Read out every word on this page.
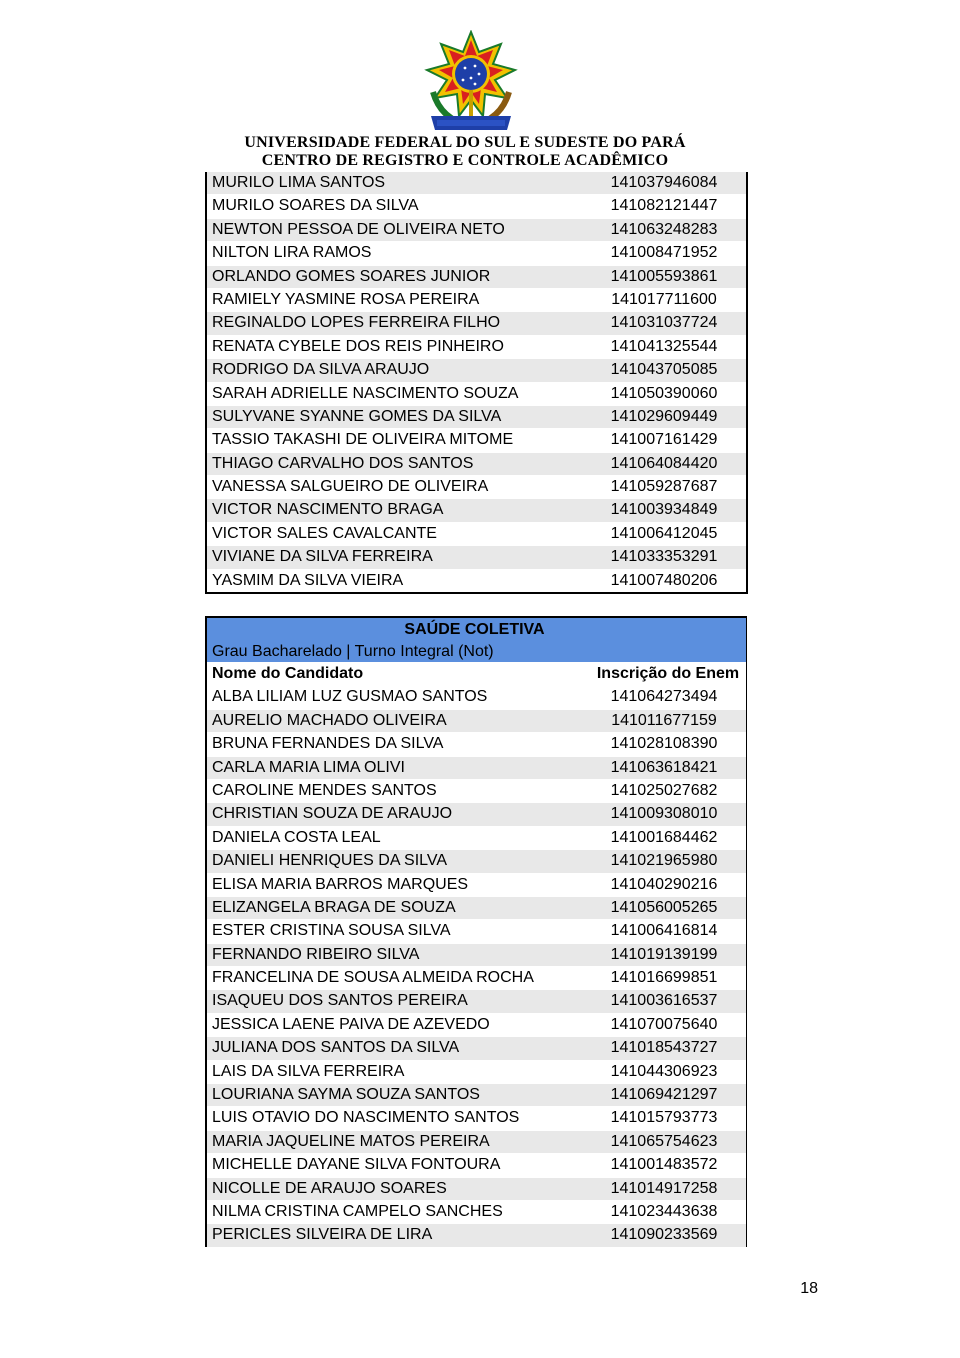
UNIVERSIDADE FEDERAL DO SUL E SUDESTE DO PARÁ
CENTRO DE REGISTRO E CONTROLE ACADÊMICO
MURILO LIMA SANTOS	141037946084
MURILO SOARES DA SILVA	141082121447
NEWTON PESSOA DE OLIVEIRA NETO	141063248283
NILTON LIRA RAMOS	141008471952
ORLANDO GOMES SOARES JUNIOR	141005593861
RAMIELY YASMINE ROSA PEREIRA	141017711600
REGINALDO LOPES FERREIRA FILHO	141031037724
RENATA CYBELE DOS REIS PINHEIRO	141041325544
RODRIGO DA SILVA ARAUJO	141043705085
SARAH ADRIELLE NASCIMENTO SOUZA	141050390060
SULYVANE SYANNE GOMES DA SILVA	141029609449
TASSIO TAKASHI DE OLIVEIRA MITOME	141007161429
THIAGO CARVALHO DOS SANTOS	141064084420
VANESSA SALGUEIRO DE OLIVEIRA	141059287687
VICTOR NASCIMENTO BRAGA	141003934849
VICTOR SALES CAVALCANTE	141006412045
VIVIANE DA SILVA FERREIRA	141033353291
YASMIM DA SILVA VIEIRA	141007480206
SAÚDE COLETIVA
Grau Bacharelado | Turno Integral (Not)
Nome do Candidato	Inscrição do Enem
ALBA LILIAM LUZ GUSMAO SANTOS	141064273494
AURELIO MACHADO OLIVEIRA	141011677159
BRUNA FERNANDES DA SILVA	141028108390
CARLA MARIA LIMA OLIVI	141063618421
CAROLINE MENDES SANTOS	141025027682
CHRISTIAN SOUZA DE ARAUJO	141009308010
DANIELA COSTA LEAL	141001684462
DANIELI HENRIQUES DA SILVA	141021965980
ELISA MARIA BARROS MARQUES	141040290216
ELIZANGELA BRAGA DE SOUZA	141056005265
ESTER CRISTINA SOUSA SILVA	141006416814
FERNANDO RIBEIRO SILVA	141019139199
FRANCELINA DE SOUSA ALMEIDA ROCHA	141016699851
ISAQUEU DOS SANTOS PEREIRA	141003616537
JESSICA LAENE PAIVA DE AZEVEDO	141070075640
JULIANA DOS SANTOS DA SILVA	141018543727
LAIS DA SILVA FERREIRA	141044306923
LOURIANA SAYMA SOUZA SANTOS	141069421297
LUIS OTAVIO DO NASCIMENTO SANTOS	141015793773
MARIA JAQUELINE MATOS PEREIRA	141065754623
MICHELLE DAYANE SILVA FONTOURA	141001483572
NICOLLE DE ARAUJO SOARES	141014917258
NILMA CRISTINA CAMPELO SANCHES	141023443638
PERICLES SILVEIRA DE LIRA	141090233569
18
